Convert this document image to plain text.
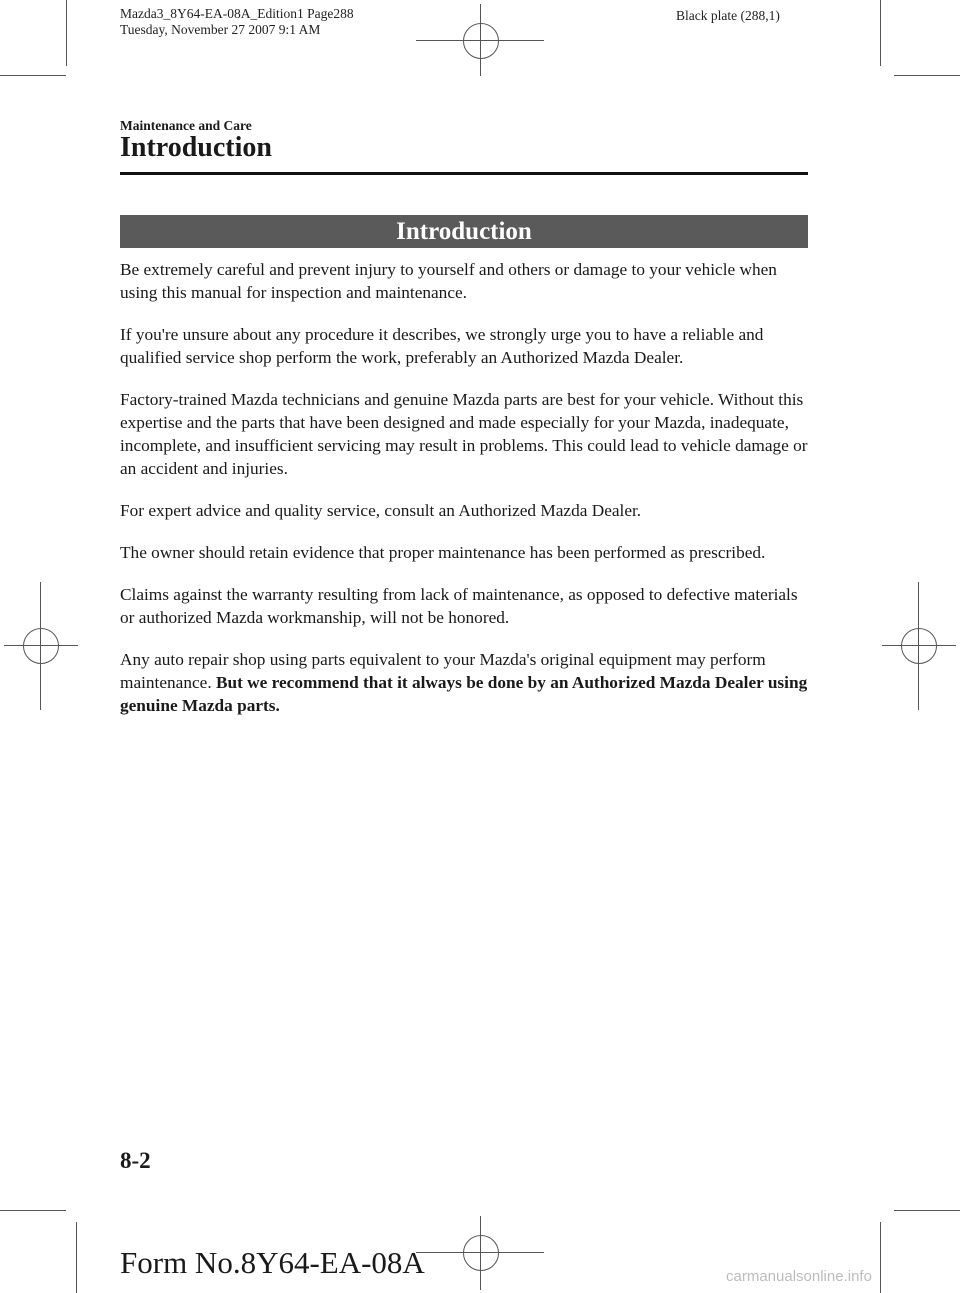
Mazda3_8Y64-EA-08A_Edition1 Page288
Tuesday, November 27 2007 9:1 AM
Black plate (288,1)
Maintenance and Care
Introduction
Introduction

Be extremely careful and prevent injury to yourself and others or damage to your vehicle when using this manual for inspection and maintenance.

If you're unsure about any procedure it describes, we strongly urge you to have a reliable and qualified service shop perform the work, preferably an Authorized Mazda Dealer.

Factory-trained Mazda technicians and genuine Mazda parts are best for your vehicle. Without this expertise and the parts that have been designed and made especially for your Mazda, inadequate, incomplete, and insufficient servicing may result in problems. This could lead to vehicle damage or an accident and injuries.

For expert advice and quality service, consult an Authorized Mazda Dealer.

The owner should retain evidence that proper maintenance has been performed as prescribed.

Claims against the warranty resulting from lack of maintenance, as opposed to defective materials or authorized Mazda workmanship, will not be honored.

Any auto repair shop using parts equivalent to your Mazda's original equipment may perform maintenance. But we recommend that it always be done by an Authorized Mazda Dealer using genuine Mazda parts.

8-2
Form No.8Y64-EA-08A	carmanualsonline.info
